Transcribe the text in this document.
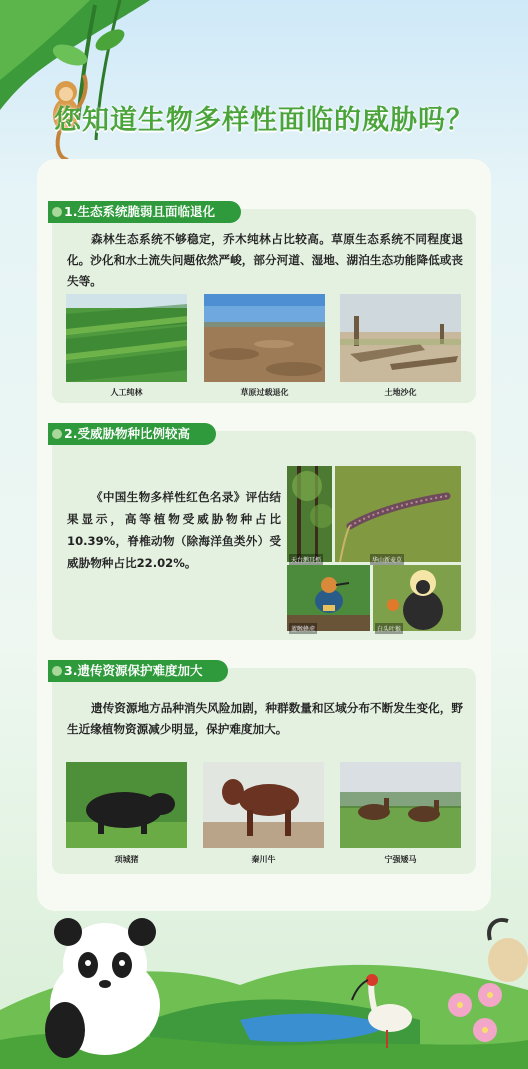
您知道生物多样性面临的威胁吗？
1.生态系统脆弱且面临退化
森林生态系统不够稳定，乔木纯林占比较高。草原生态系统不同程度退化。沙化和水土流失问题依然严峻，部分河道、湿地、湖泊生态功能降低或丧失等。
人工纯林	草原过载退化	土地沙化
2.受威胁物种比例较高
《中国生物多样性红色名录》评估结果显示，高等植物受威胁物种占比10.39%，脊椎动物（除海洋鱼类外）受威胁物种占比22.02%。	天台鹅耳枥	华山新麦草
蓝喉蜂虎	白头叶猴
3.遗传资源保护难度加大
遗传资源地方品种消失风险加剧，种群数量和区域分布不断发生变化，野生近缘植物资源减少明显，保护难度加大。
项城猪	秦川牛	宁强矮马
